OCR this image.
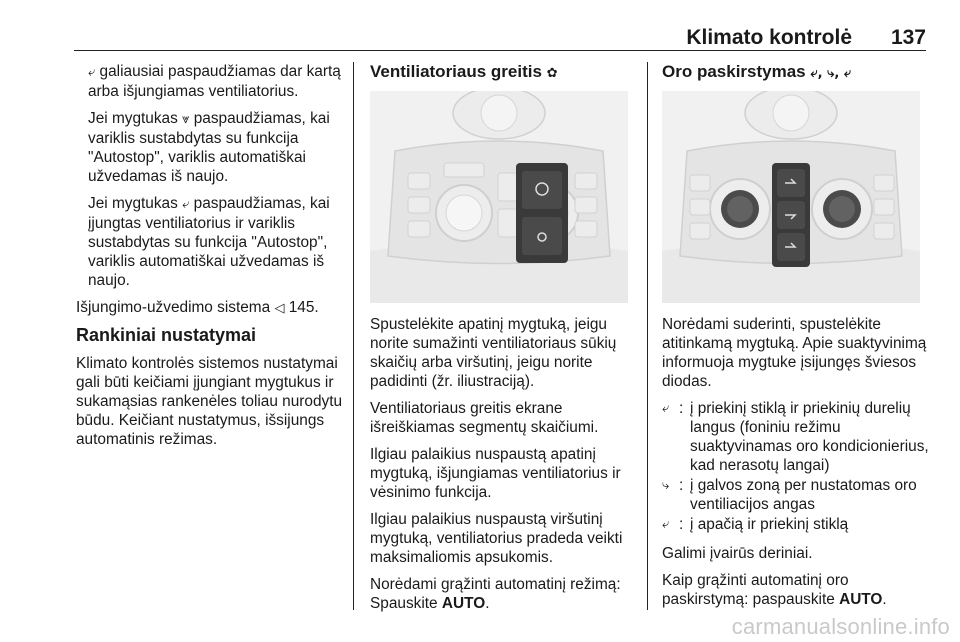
Klimato kontrolė 137

⤶ galiausiai paspaudžiamas dar kartą arba išjungiamas ventiliatorius.

Jei mygtukas ⩔ paspaudžiamas, kai variklis sustabdytas su funkcija "Autostop", variklis automatiškai užvedamas iš naujo.

Jei mygtukas ⤶ paspaudžiamas, kai įjungtas ventiliatorius ir variklis sustabdytas su funkcija "Autostop", variklis automatiškai užvedamas iš naujo.

Išjungimo-užvedimo sistema ◁ 145.

Rankiniai nustatymai

Klimato kontrolės sistemos nustatymai gali būti keičiami įjungiant mygtukus ir sukamąsias rankenėles toliau nurodytu būdu. Keičiant nustatymus, išsijungs automatinis režimas.

Ventiliatoriaus greitis ✿

Spustelėkite apatinį mygtuką, jeigu norite sumažinti ventiliatoriaus sūkių skaičių arba viršutinį, jeigu norite padidinti (žr. iliustraciją).

Ventiliatoriaus greitis ekrane išreiškiamas segmentų skaičiumi.

Ilgiau palaikius nuspaustą apatinį mygtuką, išjungiamas ventiliatorius ir vėsinimo funkcija.

Ilgiau palaikius nuspaustą viršutinį mygtuką, ventiliatorius pradeda veikti maksimaliomis apsukomis.

Norėdami grąžinti automatinį režimą: Spauskite AUTO.

Oro paskirstymas ⤶, ⤷, ⤶

Norėdami suderinti, spustelėkite atitinkamą mygtuką. Apie suaktyvinimą informuoja mygtuke įsijungęs šviesos diodas.

⤶ : į priekinį stiklą ir priekinių durelių langus (foniniu režimu suaktyvinamas oro kondicionierius, kad nerasotų langai)
⤷ : į galvos zoną per nustatomas oro ventiliacijos angas
⤶ : į apačią ir priekinį stiklą

Galimi įvairūs deriniai.

Kaip grąžinti automatinį oro paskirstymą: paspauskite AUTO.

carmanualsonline.info
